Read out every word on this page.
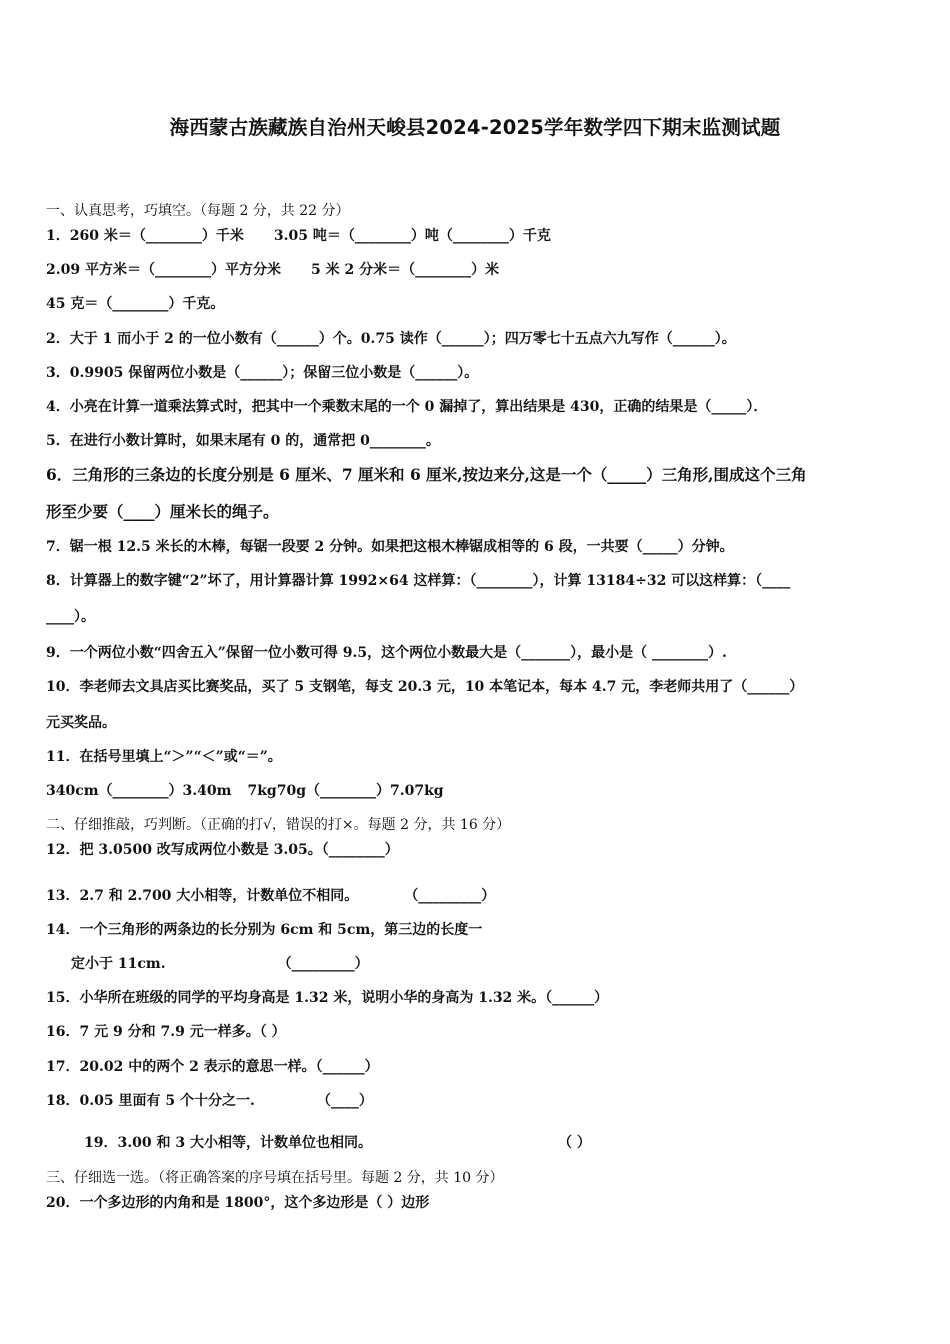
海西蒙古族藏族自治州天峻县2024-2025学年数学四下期末监测试题
一、认真思考，巧填空。（每题 2 分，共 22 分）
1．260 米＝（________）千米 3.05 吨＝（________）吨（________）千克
2.09 平方米＝（________）平方分米 5 米 2 分米＝（________）米
45 克＝（________）千克。
2．大于 1 而小于 2 的一位小数有（______）个。0.75 读作（______）；四万零七十五点六九写作（______）。
3．0.9905 保留两位小数是（______）；保留三位小数是（______）。
4．小亮在计算一道乘法算式时，把其中一个乘数末尾的一个 0 漏掉了，算出结果是 430，正确的结果是（_____）．
5．在进行小数计算时，如果末尾有 0 的，通常把 0________。
6．三角形的三条边的长度分别是 6 厘米、7 厘米和 6 厘米,按边来分,这是一个（_____）三角形,围成这个三角
形至少要（____）厘米长的绳子。
7．锯一根 12.5 米长的木棒，每锯一段要 2 分钟。如果把这根木棒锯成相等的 6 段，一共要（_____）分钟。
8．计算器上的数字键“2”坏了，用计算器计算 1992×64 这样算：（________），计算 13184÷32 可以这样算：（____
____）。
9．一个两位小数“四舍五入”保留一位小数可得 9.5，这个两位小数最大是（_______），最小是（ ________）.
10．李老师去文具店买比赛奖品，买了 5 支钢笔，每支 20.3 元，10 本笔记本，每本 4.7 元，李老师共用了（______）
元买奖品。
11．在括号里填上“＞”“＜”或“＝”。
340cm（________）3.40m 7kg70g（________）7.07kg
二、仔细推敲，巧判断。（正确的打√，错误的打×。每题 2 分，共 16 分）
12．把 3.0500 改写成两位小数是 3.05。（________）
13．2.7 和 2.700 大小相等，计数单位不相同。	（_________）
14．一个三角形的两条边的长分别为 6cm 和 5cm，第三边的长度一
定小于 11cm.	（_________）
15．小华所在班级的同学的平均身高是 1.32 米，说明小华的身高为 1.32 米。（______）
16．7 元 9 分和 7.9 元一样多。（ ）
17．20.02 中的两个 2 表示的意思一样。（______）
18．0.05 里面有 5 个十分之一.	（____）
19．3.00 和 3 大小相等，计数单位也相同。	（ ）
三、仔细选一选。（将正确答案的序号填在括号里。每题 2 分，共 10 分）
20．一个多边形的内角和是 1800°，这个多边形是（ ）边形
